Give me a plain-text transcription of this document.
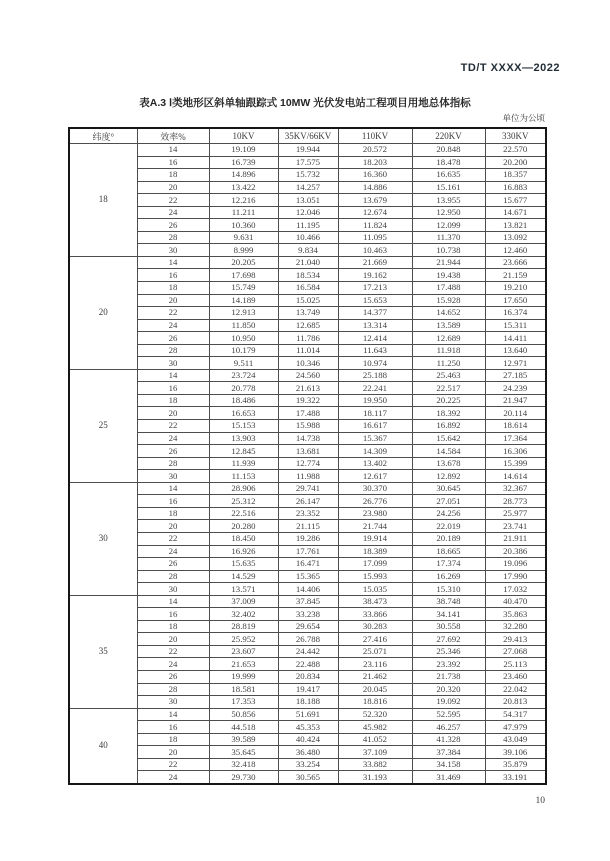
TD/T XXXX—2022
表A.3 Ⅰ类地形区斜单轴跟踪式 10MW 光伏发电站工程项目用地总体指标
单位为公顷
纬度°	效率%	10KV	35KV/66KV	110KV	220KV	330KV
18	14	19.109	19.944	20.572	20.848	22.570
	16	16.739	17.575	18.203	18.478	20.200
	18	14.896	15.732	16.360	16.635	18.357
	20	13.422	14.257	14.886	15.161	16.883
	22	12.216	13.051	13.679	13.955	15.677
	24	11.211	12.046	12.674	12.950	14.671
	26	10.360	11.195	11.824	12.099	13.821
	28	9.631	10.466	11.095	11.370	13.092
	30	8.999	9.834	10.463	10.738	12.460
20	14	20.205	21.040	21.669	21.944	23.666
	16	17.698	18.534	19.162	19.438	21.159
	18	15.749	16.584	17.213	17.488	19.210
	20	14.189	15.025	15.653	15.928	17.650
	22	12.913	13.749	14.377	14.652	16.374
	24	11.850	12.685	13.314	13.589	15.311
	26	10.950	11.786	12.414	12.689	14.411
	28	10.179	11.014	11.643	11.918	13.640
	30	9.511	10.346	10.974	11.250	12.971
25	14	23.724	24.560	25.188	25.463	27.185
	16	20.778	21.613	22.241	22.517	24.239
	18	18.486	19.322	19.950	20.225	21.947
	20	16.653	17.488	18.117	18.392	20.114
	22	15.153	15.988	16.617	16.892	18.614
	24	13.903	14.738	15.367	15.642	17.364
	26	12.845	13.681	14.309	14.584	16.306
	28	11.939	12.774	13.402	13.678	15.399
	30	11.153	11.988	12.617	12.892	14.614
30	14	28.906	29.741	30.370	30.645	32.367
	16	25.312	26.147	26.776	27.051	28.773
	18	22.516	23.352	23.980	24.256	25.977
	20	20.280	21.115	21.744	22.019	23.741
	22	18.450	19.286	19.914	20.189	21.911
	24	16.926	17.761	18.389	18.665	20.386
	26	15.635	16.471	17.099	17.374	19.096
	28	14.529	15.365	15.993	16.269	17.990
	30	13.571	14.406	15.035	15.310	17.032
35	14	37.009	37.845	38.473	38.748	40.470
	16	32.402	33.238	33.866	34.141	35.863
	18	28.819	29.654	30.283	30.558	32.280
	20	25.952	26.788	27.416	27.692	29.413
	22	23.607	24.442	25.071	25.346	27.068
	24	21.653	22.488	23.116	23.392	25.113
	26	19.999	20.834	21.462	21.738	23.460
	28	18.581	19.417	20.045	20.320	22.042
	30	17.353	18.188	18.816	19.092	20.813
40	14	50.856	51.691	52.320	52.595	54.317
	16	44.518	45.353	45.982	46.257	47.979
	18	39.589	40.424	41.052	41.328	43.049
	20	35.645	36.480	37.109	37.384	39.106
	22	32.418	33.254	33.882	34.158	35.879
	24	29.730	30.565	31.193	31.469	33.191
10
